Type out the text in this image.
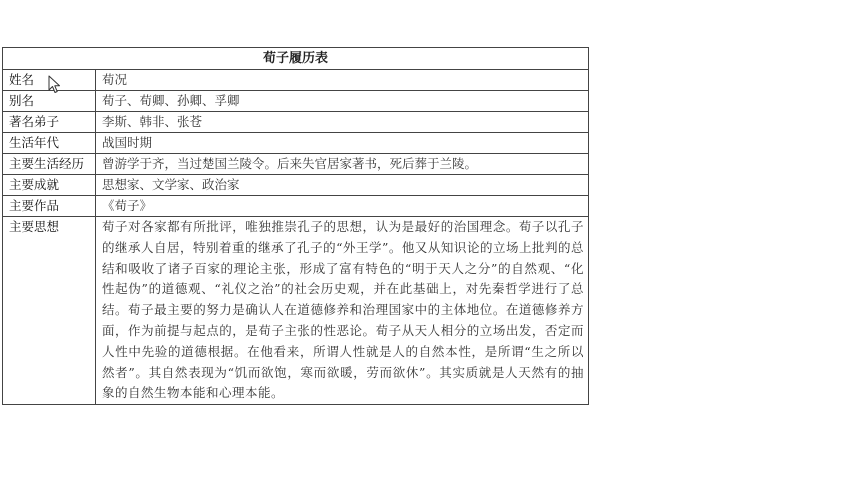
荀子履历表	
姓名	荀况
别名	荀子、荀卿、孙卿、孚卿
著名弟子	李斯、韩非、张苍
生活年代	战国时期
主要生活经历	曾游学于齐，当过楚国兰陵令。后来失官居家著书，死后葬于兰陵。
主要成就	思想家、文学家、政治家
主要作品	《荀子》
主要思想	荀子对各家都有所批评，唯独推崇孔子的思想，认为是最好的治国理念。荀子以孔子的继承人自居，特别着重的继承了孔子的“外王学”。他又从知识论的立场上批判的总结和吸收了诸子百家的理论主张，形成了富有特色的“明于天人之分”的自然观、“化性起伪”的道德观、“礼仪之治”的社会历史观，并在此基础上，对先秦哲学进行了总结。荀子最主要的努力是确认人在道德修养和治理国家中的主体地位。在道德修养方面，作为前提与起点的，是荀子主张的性恶论。荀子从天人相分的立场出发，否定而人性中先验的道德根据。在他看来，所谓人性就是人的自然本性，是所谓“生之所以然者”。其自然表现为“饥而欲饱，寒而欲暖，劳而欲休”。其实质就是人天然有的抽象的自然生物本能和心理本能。
